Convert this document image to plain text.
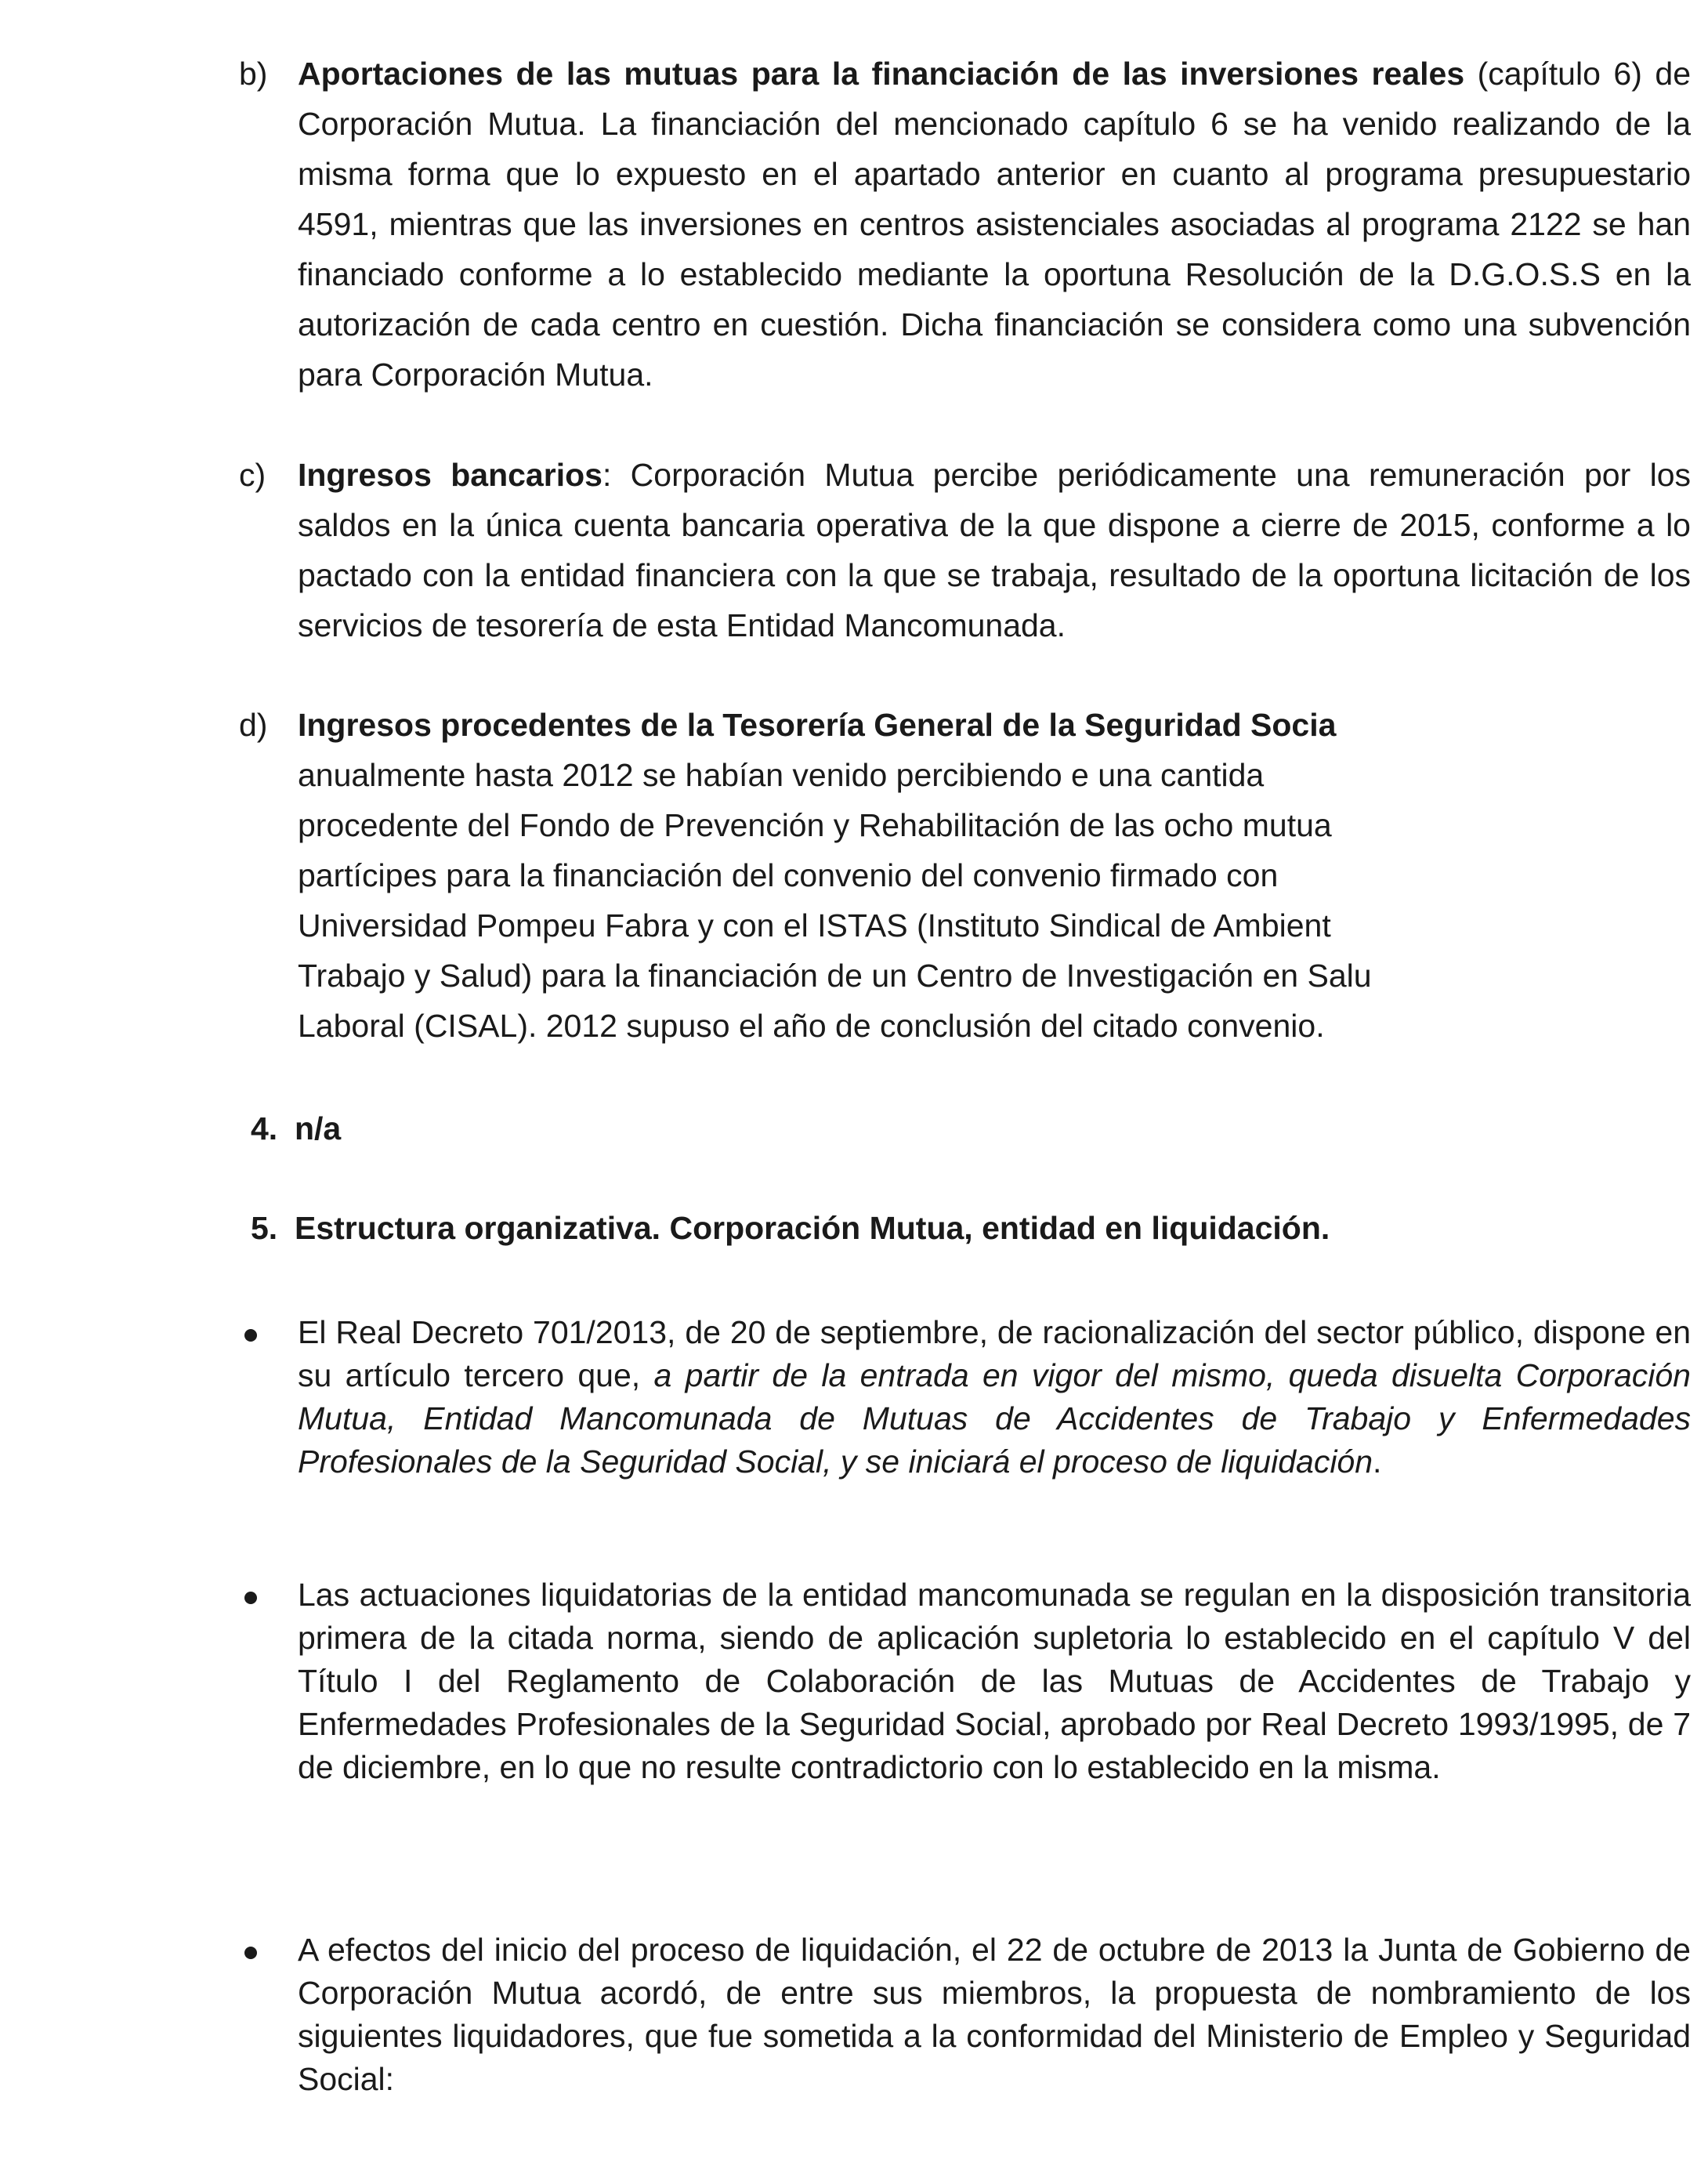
b) Aportaciones de las mutuas para la financiación de las inversiones reales (capítulo 6) de Corporación Mutua. La financiación del mencionado capítulo 6 se ha venido realizando de la misma forma que lo expuesto en el apartado anterior en cuanto al programa presupuestario 4591, mientras que las inversiones en centros asistenciales asociadas al programa 2122 se han financiado conforme a lo establecido mediante la oportuna Resolución de la D.G.O.S.S en la autorización de cada centro en cuestión. Dicha financiación se considera como una subvención para Corporación Mutua.
c) Ingresos bancarios: Corporación Mutua percibe periódicamente una remuneración por los saldos en la única cuenta bancaria operativa de la que dispone a cierre de 2015, conforme a lo pactado con la entidad financiera con la que se trabaja, resultado de la oportuna licitación de los servicios de tesorería de esta Entidad Mancomunada.
d) Ingresos procedentes de la Tesorería General de la Seguridad Socia
anualmente hasta 2012 se habían venido percibiendo e una cantida
procedente del Fondo de Prevención y Rehabilitación de las ocho mutua
partícipes para la financiación del convenio del convenio firmado con
Universidad Pompeu Fabra y con el ISTAS (Instituto Sindical de Ambient
Trabajo y Salud) para la financiación de un Centro de Investigación en Salu
Laboral (CISAL). 2012 supuso el año de conclusión del citado convenio.
4. n/a
5. Estructura organizativa. Corporación Mutua, entidad en liquidación.
El Real Decreto 701/2013, de 20 de septiembre, de racionalización del sector público, dispone en su artículo tercero que, a partir de la entrada en vigor del mismo, queda disuelta Corporación Mutua, Entidad Mancomunada de Mutuas de Accidentes de Trabajo y Enfermedades Profesionales de la Seguridad Social, y se iniciará el proceso de liquidación.
Las actuaciones liquidatorias de la entidad mancomunada se regulan en la disposición transitoria primera de la citada norma, siendo de aplicación supletoria lo establecido en el capítulo V del Título I del Reglamento de Colaboración de las Mutuas de Accidentes de Trabajo y Enfermedades Profesionales de la Seguridad Social, aprobado por Real Decreto 1993/1995, de 7 de diciembre, en lo que no resulte contradictorio con lo establecido en la misma.
A efectos del inicio del proceso de liquidación, el 22 de octubre de 2013 la Junta de Gobierno de Corporación Mutua acordó, de entre sus miembros, la propuesta de nombramiento de los siguientes liquidadores, que fue sometida a la conformidad del Ministerio de Empleo y Seguridad Social:
